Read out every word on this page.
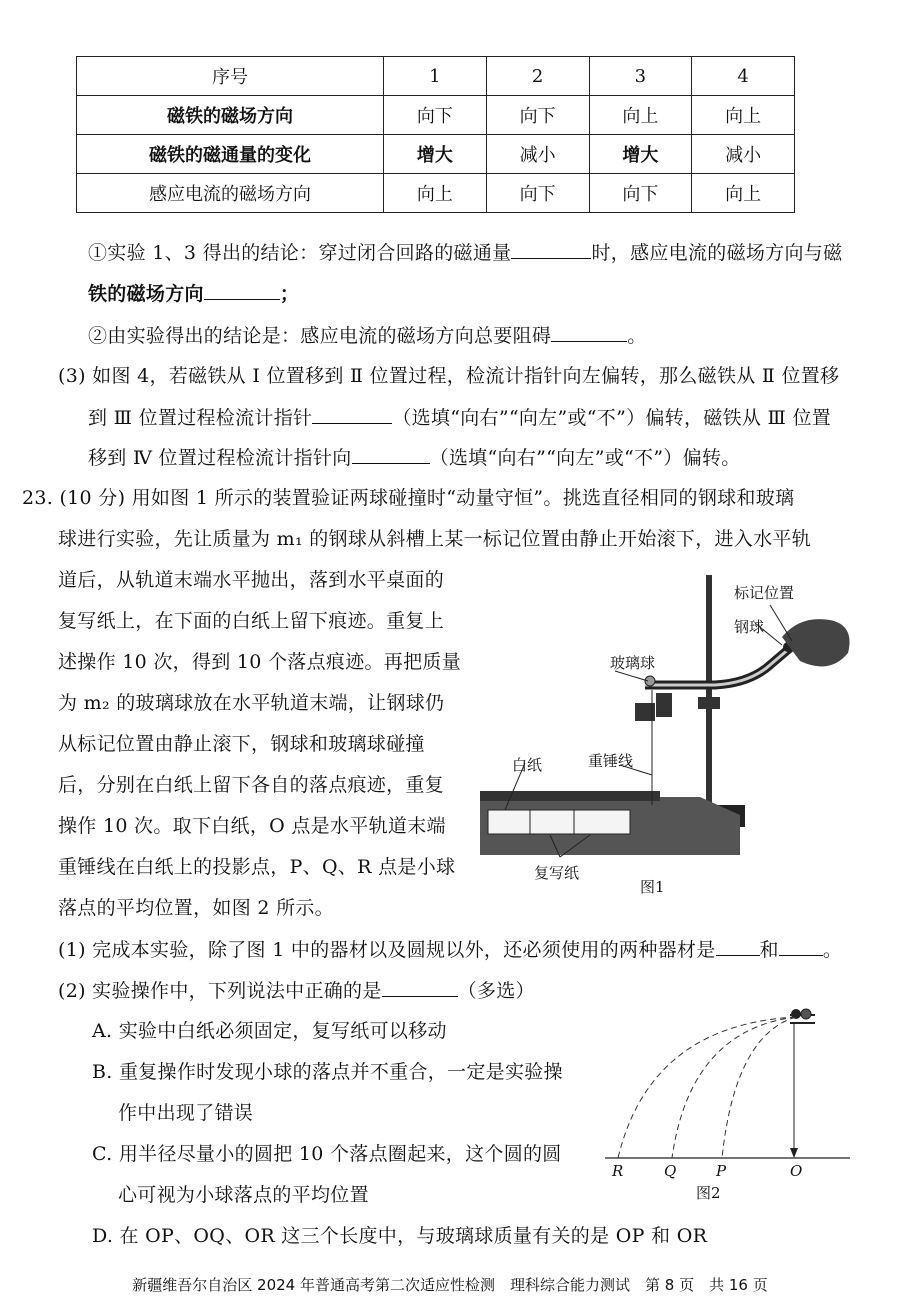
序号	1	2	3	4
磁铁的磁场方向	向下	向下	向上	向上
磁铁的磁通量的变化	增大	减小	增大	减小
感应电流的磁场方向	向上	向下	向下	向上
①实验 1、3 得出的结论：穿过闭合回路的磁通量	时，感应电流的磁场方向与磁
铁的磁场方向	；
②由实验得出的结论是：感应电流的磁场方向总要阻碍	。
(3) 如图 4，若磁铁从 Ⅰ 位置移到 Ⅱ 位置过程，检流计指针向左偏转，那么磁铁从 Ⅱ 位置移
到 Ⅲ 位置过程检流计指针	（选填“向右”“向左”或“不”）偏转，磁铁从 Ⅲ 位置
移到 Ⅳ 位置过程检流计指针向	（选填“向右”“向左”或“不”）偏转。
23. (10 分) 用如图 1 所示的装置验证两球碰撞时“动量守恒”。挑选直径相同的钢球和玻璃
球进行实验，先让质量为 m₁ 的钢球从斜槽上某一标记位置由静止开始滚下，进入水平轨
道后，从轨道末端水平抛出，落到水平桌面的
复写纸上，在下面的白纸上留下痕迹。重复上
述操作 10 次，得到 10 个落点痕迹。再把质量
为 m₂ 的玻璃球放在水平轨道末端，让钢球仍
从标记位置由静止滚下，钢球和玻璃球碰撞
后，分别在白纸上留下各自的落点痕迹，重复
操作 10 次。取下白纸，O 点是水平轨道末端
重锤线在白纸上的投影点，P、Q、R 点是小球
落点的平均位置，如图 2 所示。
标记位置
钢球
玻璃球
重锤线
白纸
复写纸
图1
(1) 完成本实验，除了图 1 中的器材以及圆规以外，还必须使用的两种器材是 和 。
(2) 实验操作中，下列说法中正确的是	（多选）
A. 实验中白纸必须固定，复写纸可以移动
B. 重复操作时发现小球的落点并不重合，一定是实验操
作中出现了错误
C. 用半径尽量小的圆把 10 个落点圈起来，这个圆的圆
心可视为小球落点的平均位置
D. 在 OP、OQ、OR 这三个长度中，与玻璃球质量有关的是 OP 和 OR
R	Q	P	O
图2
新疆维吾尔自治区 2024 年普通高考第二次适应性检测　理科综合能力测试　第 8 页　共 16 页
